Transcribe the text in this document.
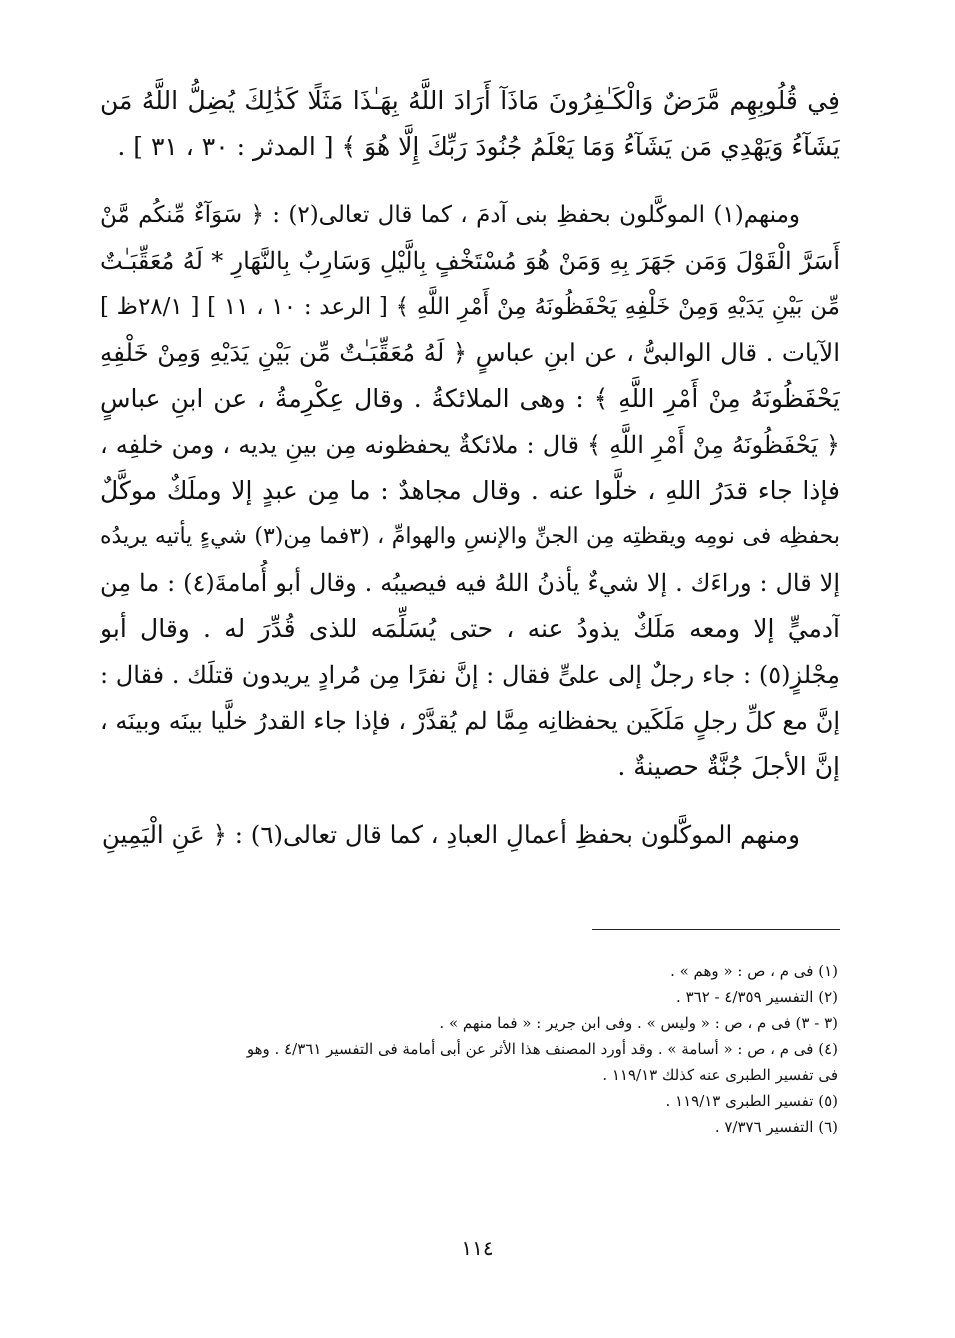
فِي قُلُوبِهِم مَّرَضٌ وَالْكَـٰفِرُونَ مَاذَآ أَرَادَ اللَّهُ بِهَـٰذَا مَثَلًا كَذَٰلِكَ يُضِلُّ اللَّهُ مَن
يَشَآءُ وَيَهْدِي مَن يَشَآءُ وَمَا يَعْلَمُ جُنُودَ رَبِّكَ إِلَّا هُوَ ﴾ [ المدثر : ٣٠ ، ٣١ ] .
ومنهم(١) الموكَّلون بحفظِ بنى آدمَ ، كما قال تعالى(٢) : ﴿ سَوَآءٌ مِّنكُم مَّنْ
أَسَرَّ الْقَوْلَ وَمَن جَهَرَ بِهِ وَمَنْ هُوَ مُسْتَخْفٍ بِالَّيْلِ وَسَارِبٌ بِالنَّهَارِ * لَهُ مُعَقِّبَـٰتٌ
مِّن بَيْنِ يَدَيْهِ وَمِنْ خَلْفِهِ يَحْفَظُونَهُ مِنْ أَمْرِ اللَّهِ ﴾ [ الرعد : ١٠ ، ١١ ] [ ٢٨/١ظ ]
الآيات . قال الوالبىُّ ، عن ابنِ عباسٍ ﴿ لَهُ مُعَقِّبَـٰتٌ مِّن بَيْنِ يَدَيْهِ وَمِنْ خَلْفِهِ
يَحْفَظُونَهُ مِنْ أَمْرِ اللَّهِ ﴾ : وهى الملائكةُ . وقال عِكْرِمةُ ، عن ابنِ عباسٍ
﴿ يَحْفَظُونَهُ مِنْ أَمْرِ اللَّهِ ﴾ قال : ملائكةٌ يحفظونه مِن بينِ يديه ، ومن خلفِه ،
فإذا جاء قدَرُ اللهِ ، خلَّوا عنه . وقال مجاهدٌ : ما مِن عبدٍ إلا وملَكٌ موكَّلٌ
بحفظِه فى نومِه ويقظتِه مِن الجنِّ والإنسِ والهوامِّ ، (٣فما مِن(٣) شيءٍ يأتيه يريدُه
إلا قال : وراءَك . إلا شيءٌ يأذنُ اللهُ فيه فيصيبُه . وقال أبو أُمامةَ(٤) : ما مِن
آدميٍّ إلا ومعه مَلَكٌ يذودُ عنه ، حتى يُسَلِّمَه للذى قُدِّرَ له . وقال أبو
مِجْلزٍ(٥) : جاء رجلٌ إلى علىٍّ فقال : إنَّ نفرًا مِن مُرادٍ يريدون قتلَك . فقال :
إنَّ مع كلِّ رجلٍ مَلَكَين يحفظانِه مِمَّا لم يُقدَّرْ ، فإذا جاء القدرُ خلَّيا بينَه وبينَه ،
إنَّ الأجلَ جُنَّةٌ حصينةٌ .
ومنهم الموكَّلون بحفظِ أعمالِ العبادِ ، كما قال تعالى(٦) : ﴿ عَنِ الْيَمِينِ
(١) فى م ، ص : « وهم » .
(٢) التفسير ٤/٣٥٩ - ٣٦٢ .
(٣ - ٣) فى م ، ص : « وليس » . وفى ابن جرير : « فما منهم » .
(٤) فى م ، ص : « أسامة » . وقد أورد المصنف هذا الأثر عن أبى أمامة فى التفسير ٤/٣٦١ . وهو
فى تفسير الطبرى عنه كذلك ١١٩/١٣ .
(٥) تفسير الطبرى ١١٩/١٣ .
(٦) التفسير ٧/٣٧٦ .
١١٤
